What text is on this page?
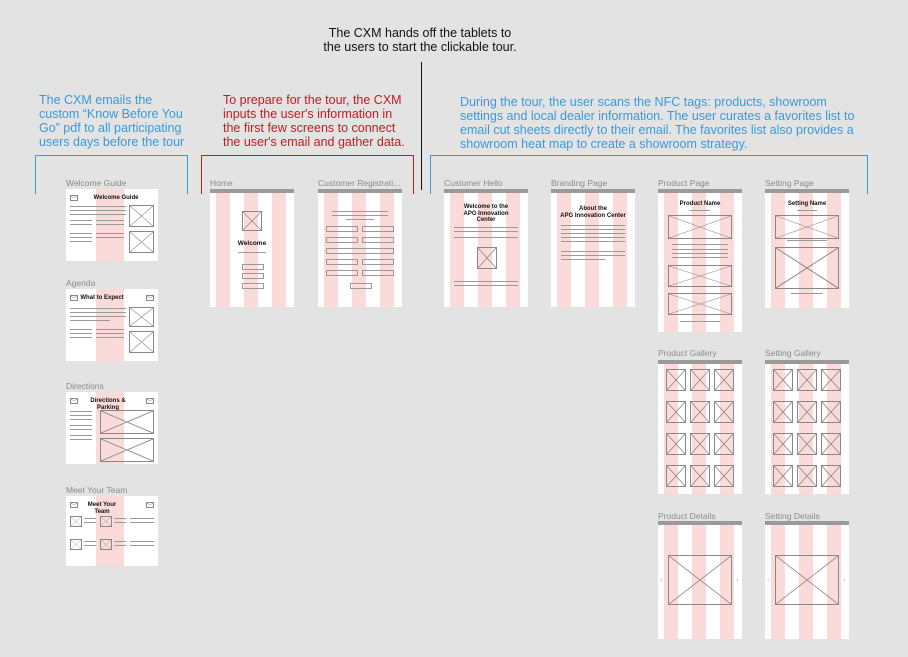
The CXM hands off the tablets to
the users to start the clickable tour.
The CXM emails the
custom “Know Before You
Go” pdf to all participating
users days before the tour
To prepare for the tour, the CXM
inputs the user's information in
the first few screens to connect
the user's email and gather data.
During the tour, the user scans the NFC tags: products, showroom
settings and local dealer information. The user curates a favorites list to
email cut sheets directly to their email. The favorites list also provides a
showroom heat map to create a showroom strategy.
Welcome Guide
Agenda
Directions
Meet Your Team
Home	Customer Registrati...	Customer Hello	Branding Page	Product Page	Setting Page
Product Gallery	Setting Gallery
Product Details	Setting Details
Welcome Guide
What to Expect
Directions & Parking
Meet Your Team
Welcome
Welcome to the
APG Innovation
Center
About the
APG Innovation Center
Product Name	Setting Name
‹	›	‹	›
